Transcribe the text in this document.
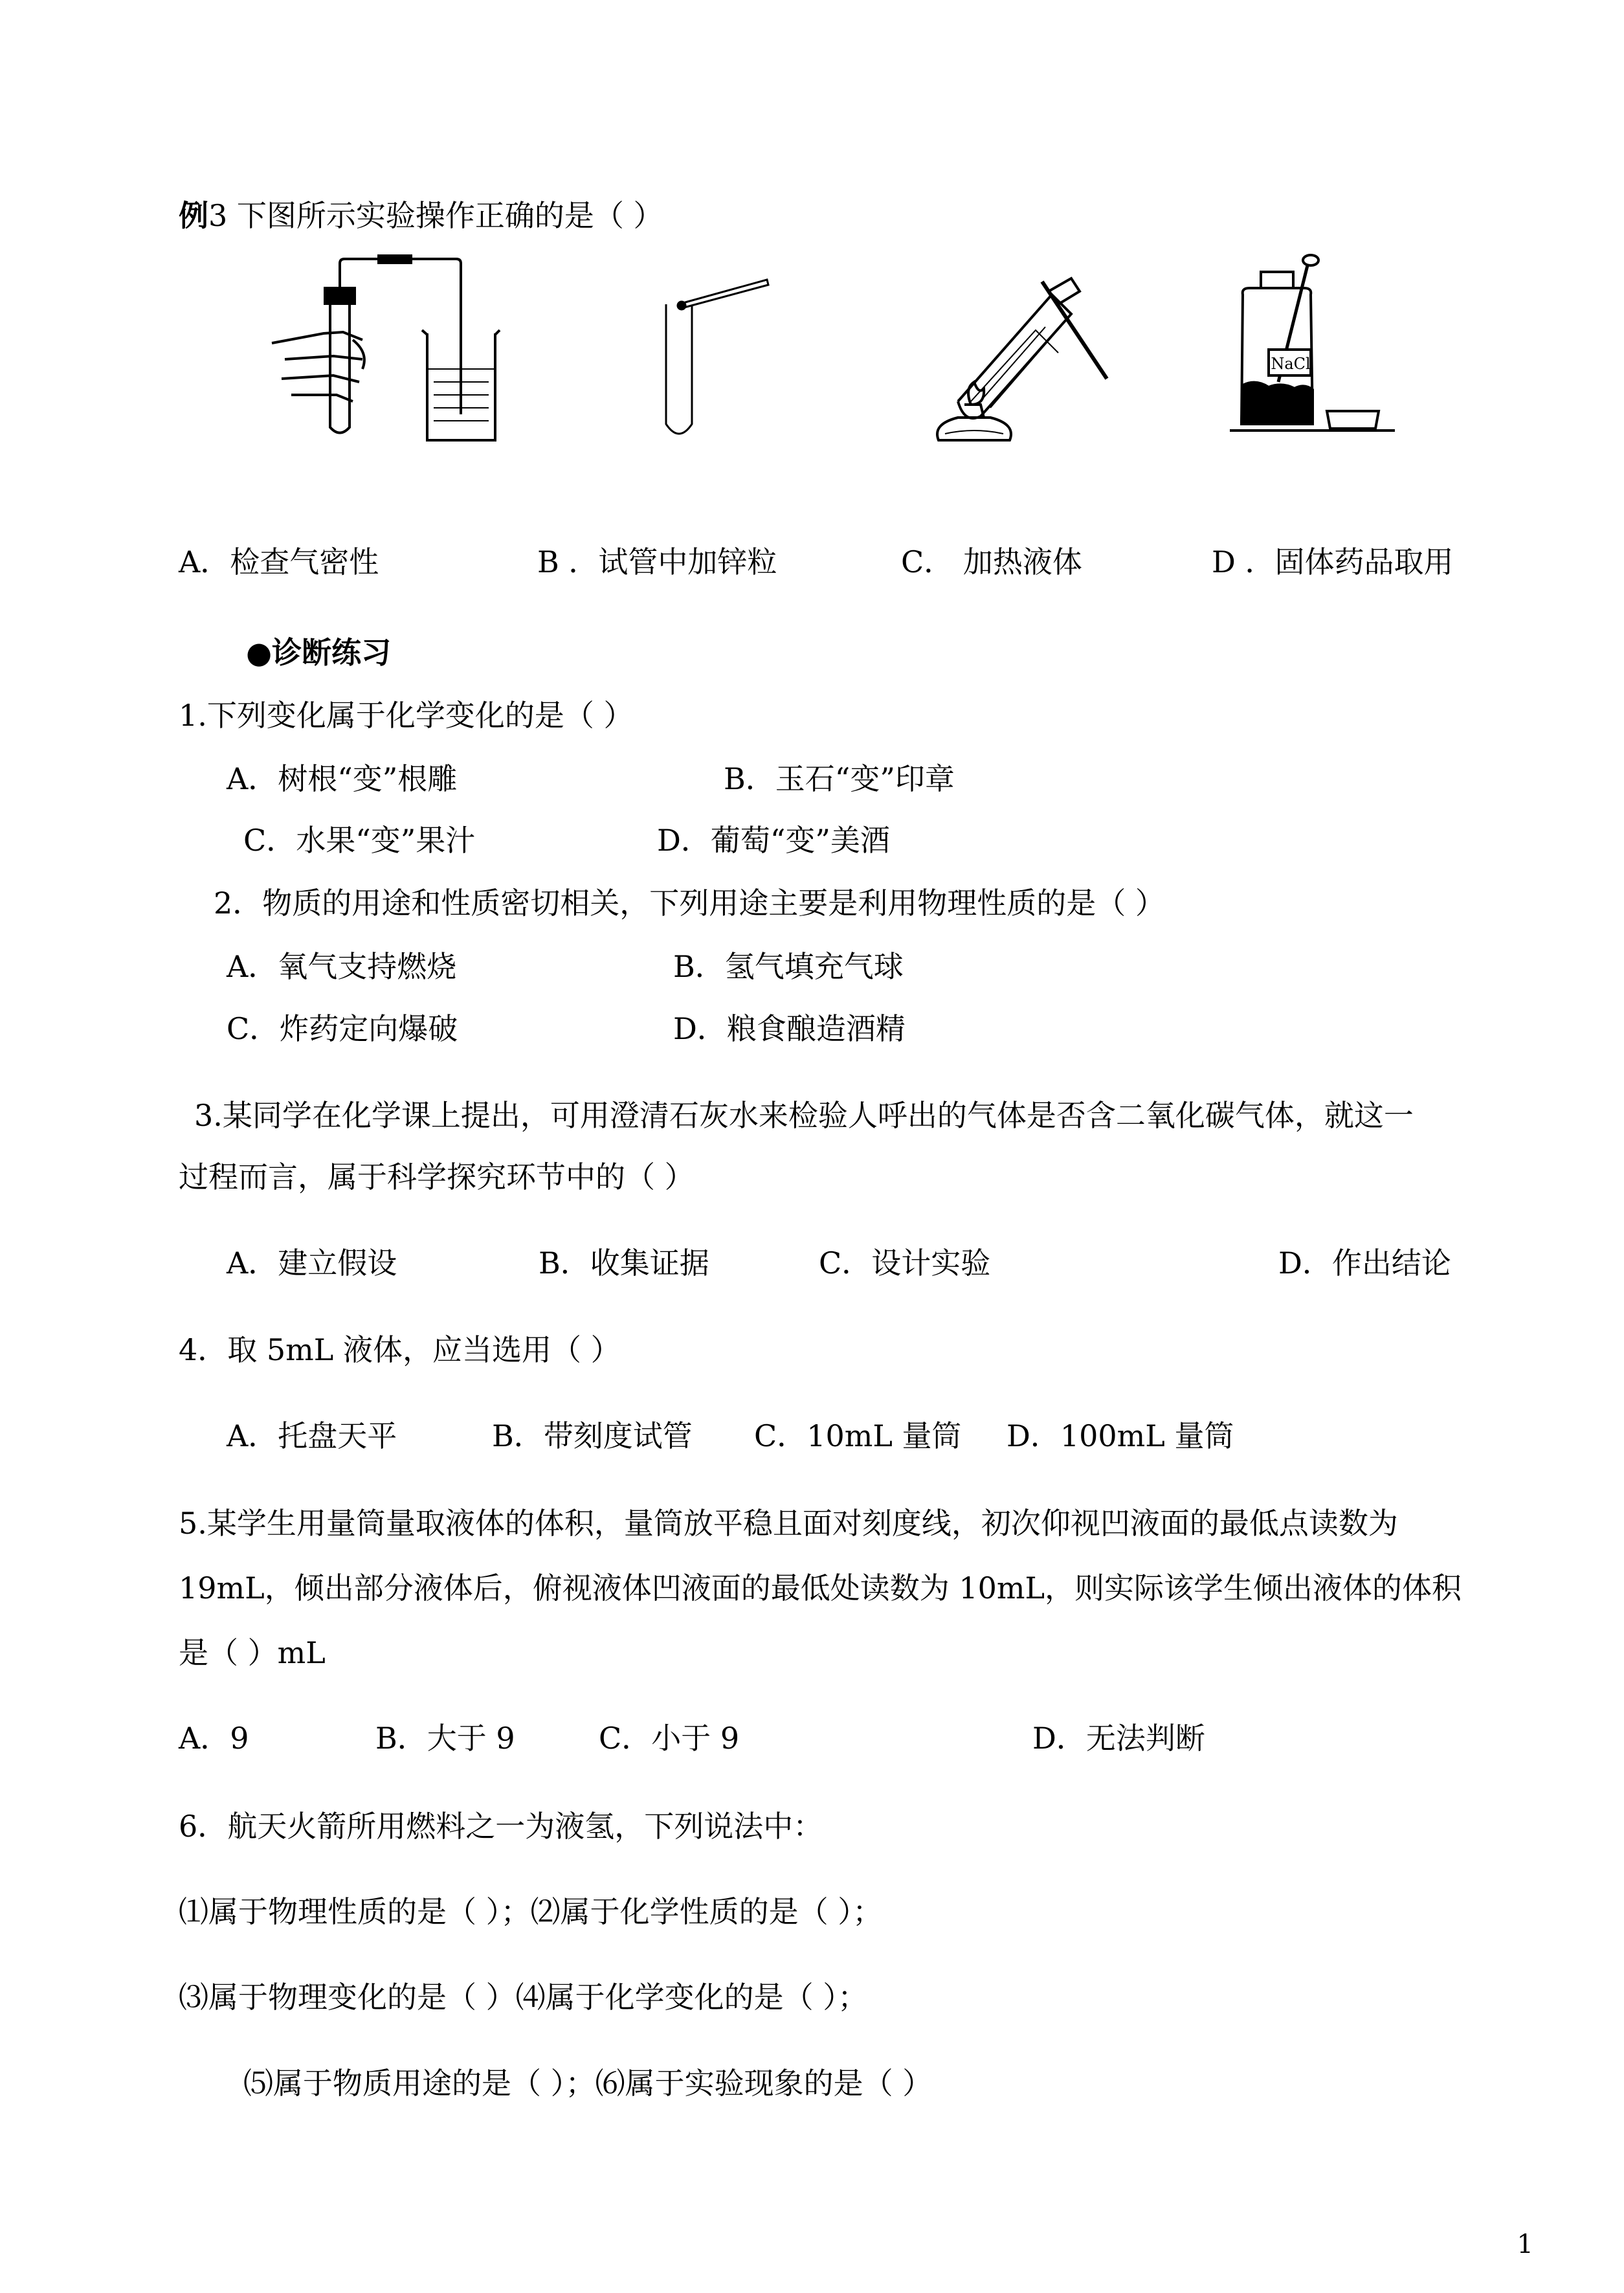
例3 下图所示实验操作正确的是（ ）
NaCl
A．检查气密性	B ．试管中加锌粒	C． 加热液体	D ．固体药品取用
●诊断练习
1.下列变化属于化学变化的是（ ）
A．树根“变”根雕	B．玉石“变”印章
C．水果“变”果汁	D．葡萄“变”美酒
2．物质的用途和性质密切相关，下列用途主要是利用物理性质的是（ ）
A．氧气支持燃烧	B．氢气填充气球
C．炸药定向爆破	D．粮食酿造酒精
3.某同学在化学课上提出，可用澄清石灰水来检验人呼出的气体是否含二氧化碳气体，就这一
过程而言，属于科学探究环节中的（ ）
A．建立假设	B．收集证据	C．设计实验	D．作出结论
4．取 5mL 液体，应当选用（ ）
A．托盘天平	B．带刻度试管 C．10mL 量筒 D．100mL 量筒
5.某学生用量筒量取液体的体积，量筒放平稳且面对刻度线，初次仰视凹液面的最低点读数为
19mL，倾出部分液体后，俯视液体凹液面的最低处读数为 10mL，则实际该学生倾出液体的体积
是（ ）mL
A．9	B．大于 9	C．小于 9	D．无法判断
6．航天火箭所用燃料之一为液氢，下列说法中：
⑴属于物理性质的是（ ）；⑵属于化学性质的是（ ）；
⑶属于物理变化的是（ ）⑷属于化学变化的是（ ）；
⑸属于物质用途的是（ ）；⑹属于实验现象的是（ ）
1
